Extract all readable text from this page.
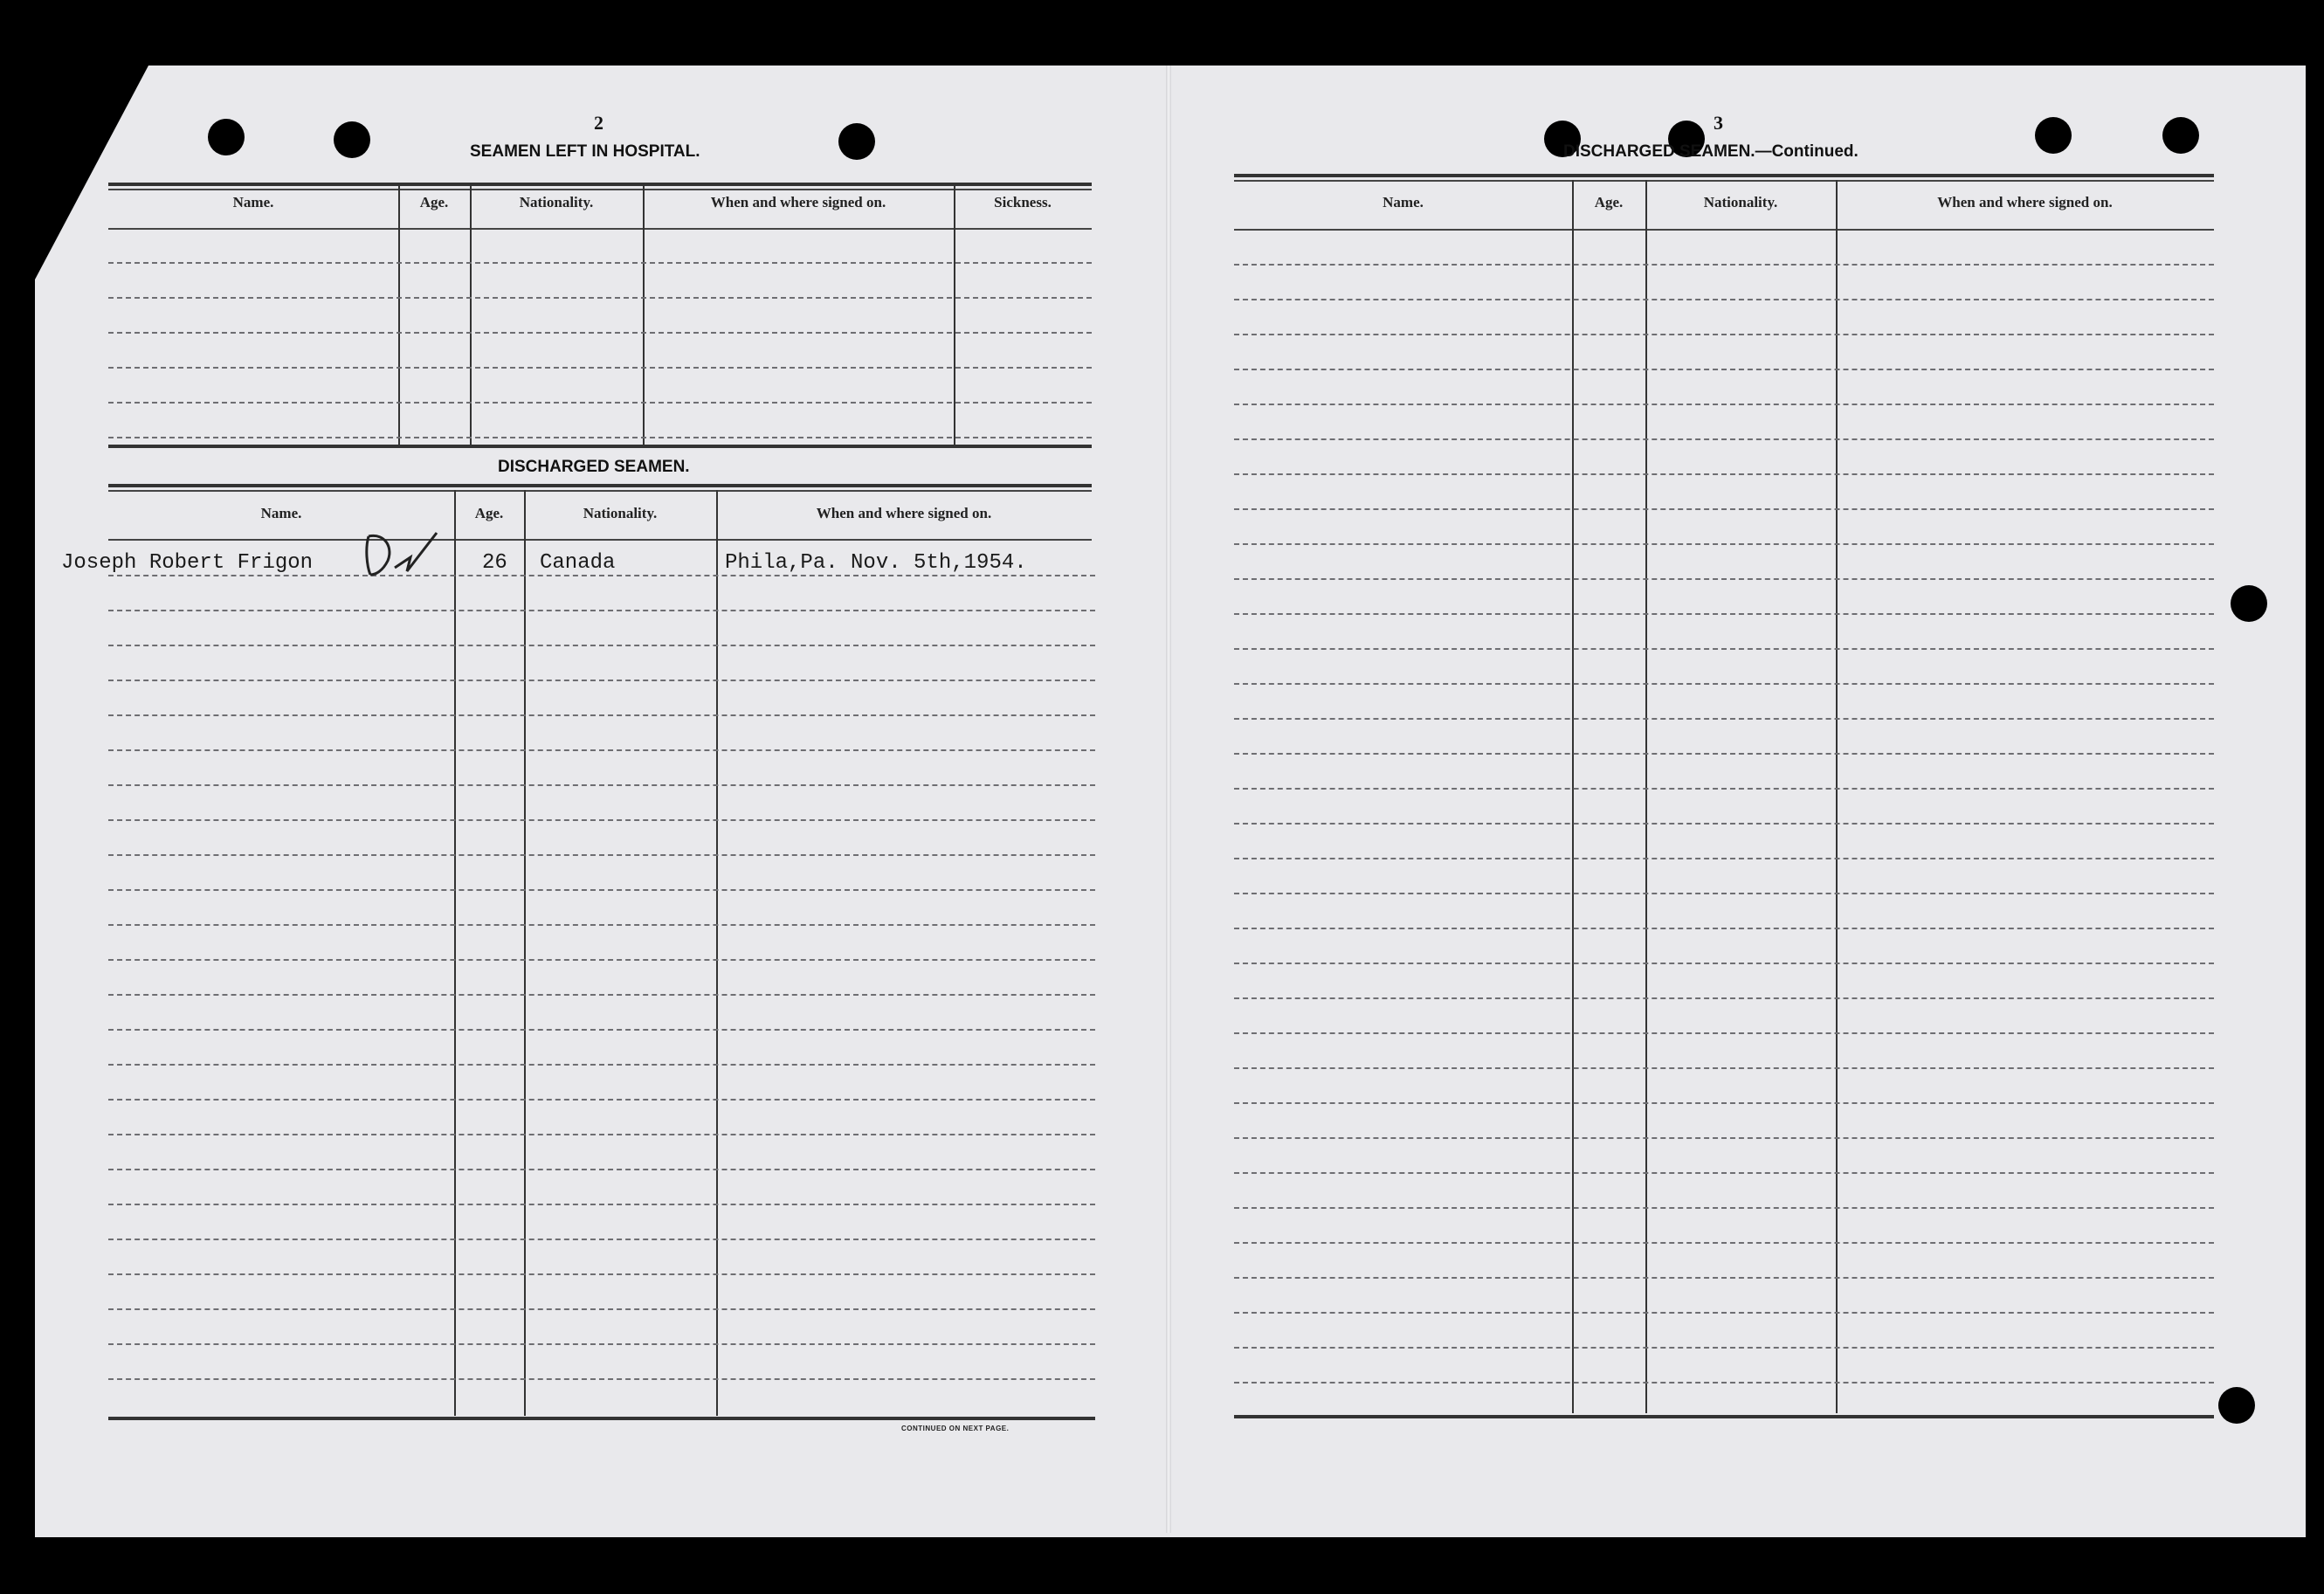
2
SEAMEN LEFT IN HOSPITAL.
Name.	Age.	Nationality.	When and where signed on.	Sickness.
DISCHARGED SEAMEN.
Name.	Age.	Nationality.	When and where signed on.
Joseph Robert Frigon	26 Canada	Phila,Pa. Nov. 5th,1954.
CONTINUED ON NEXT PAGE.
3
DISCHARGED SEAMEN.—Continued.
Name.	Age.	Nationality.	When and where signed on.
